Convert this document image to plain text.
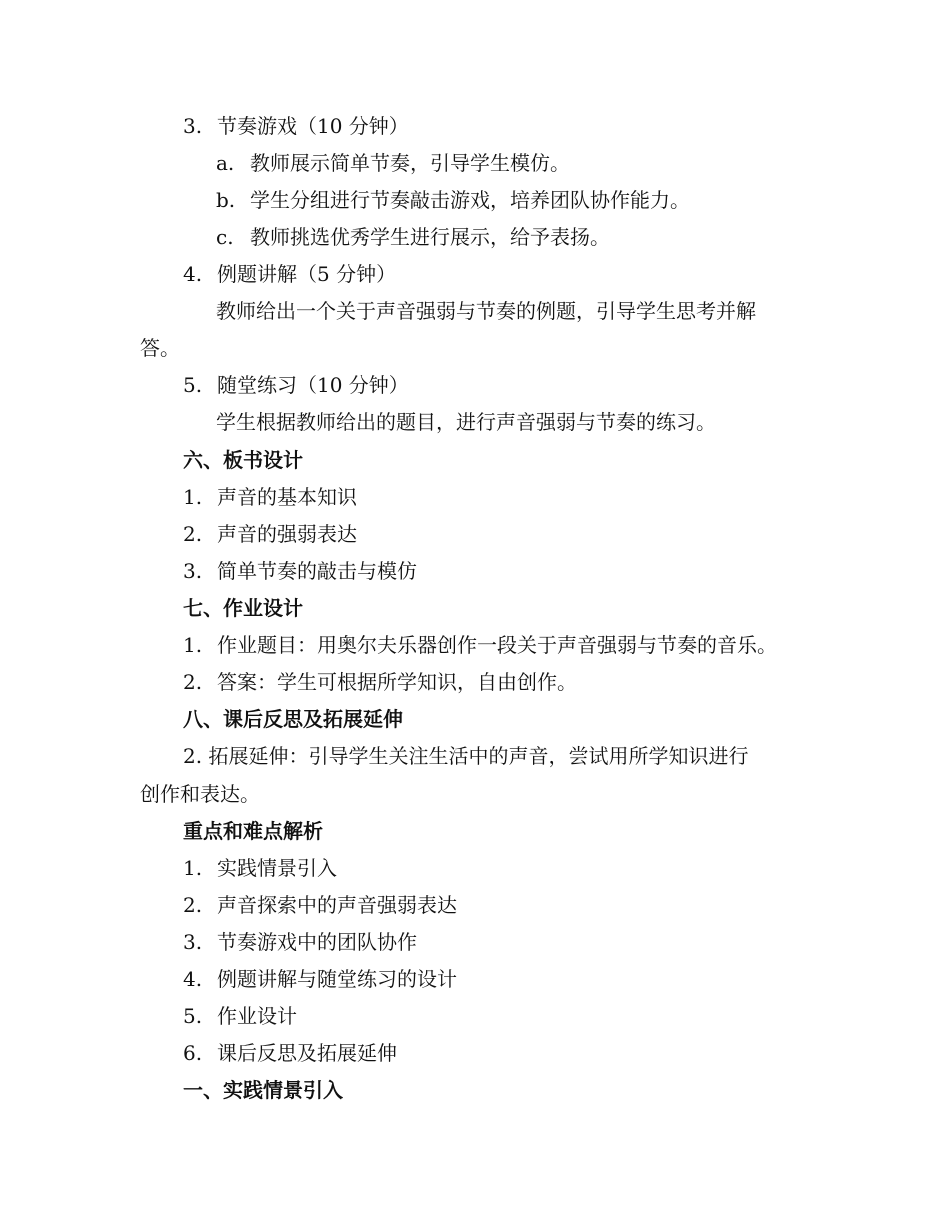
3. 节奏游戏（10 分钟）
a. 教师展示简单节奏，引导学生模仿。
b. 学生分组进行节奏敲击游戏，培养团队协作能力。
c. 教师挑选优秀学生进行展示，给予表扬。
4. 例题讲解（5 分钟）
教师给出一个关于声音强弱与节奏的例题，引导学生思考并解
答。
5. 随堂练习（10 分钟）
学生根据教师给出的题目，进行声音强弱与节奏的练习。
六、板书设计
1. 声音的基本知识
2. 声音的强弱表达
3. 简单节奏的敲击与模仿
七、作业设计
1. 作业题目：用奥尔夫乐器创作一段关于声音强弱与节奏的音乐。
2. 答案：学生可根据所学知识，自由创作。
八、课后反思及拓展延伸
2. 拓展延伸：引导学生关注生活中的声音，尝试用所学知识进行
创作和表达。
重点和难点解析
1. 实践情景引入
2. 声音探索中的声音强弱表达
3. 节奏游戏中的团队协作
4. 例题讲解与随堂练习的设计
5. 作业设计
6. 课后反思及拓展延伸
一、实践情景引入
